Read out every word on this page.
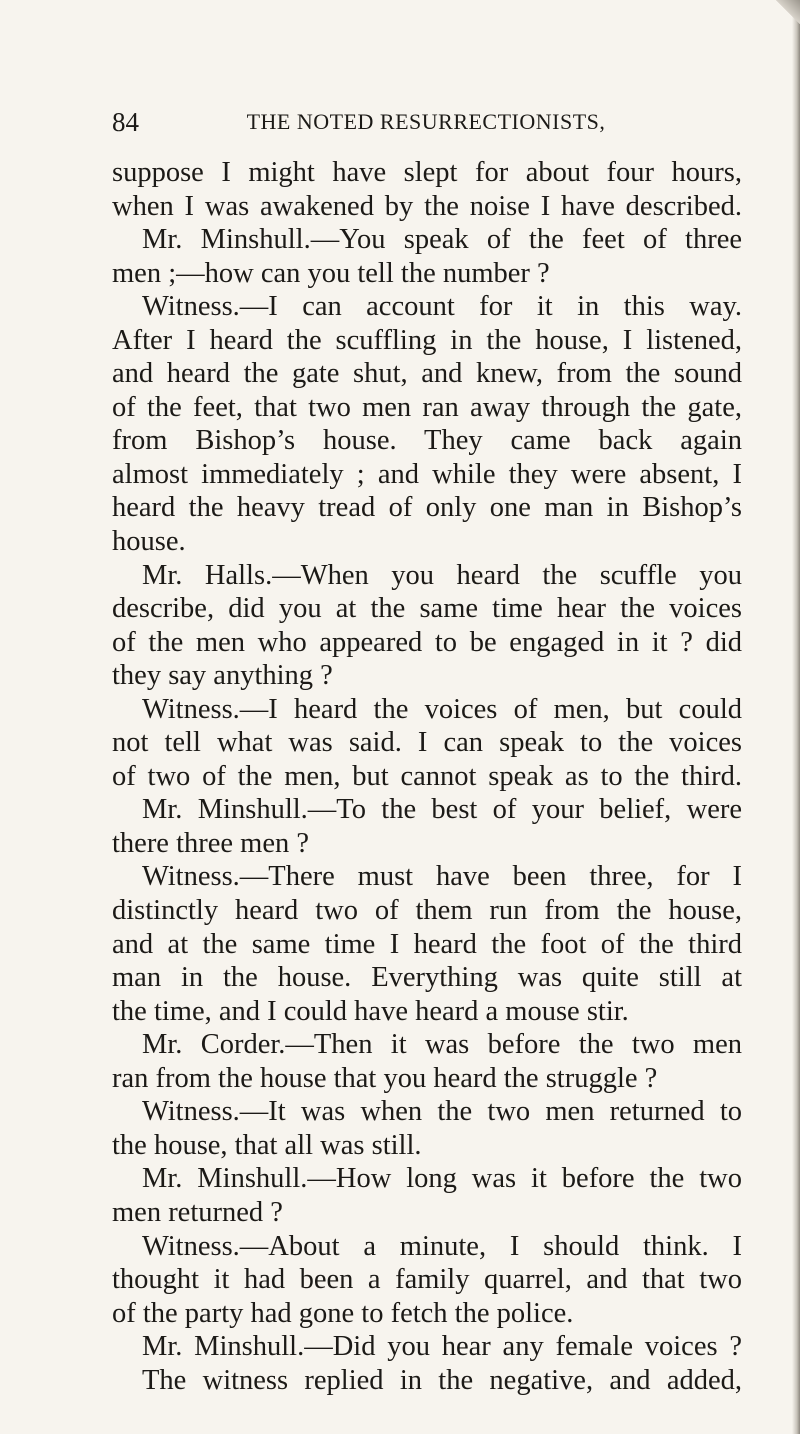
84	THE NOTED RESURRECTIONISTS,
suppose I might have slept for about four hours,
when I was awakened by the noise I have described.
Mr. Minshull.—You speak of the feet of three
men ;—how can you tell the number ?
Witness.—I can account for it in this way.
After I heard the scuffling in the house, I listened,
and heard the gate shut, and knew, from the sound
of the feet, that two men ran away through the gate,
from Bishop’s house. They came back again
almost immediately ; and while they were absent, I
heard the heavy tread of only one man in Bishop’s
house.
Mr. Halls.—When you heard the scuffle you
describe, did you at the same time hear the voices
of the men who appeared to be engaged in it ? did
they say anything ?
Witness.—I heard the voices of men, but could
not tell what was said. I can speak to the voices
of two of the men, but cannot speak as to the third.
Mr. Minshull.—To the best of your belief, were
there three men ?
Witness.—There must have been three, for I
distinctly heard two of them run from the house,
and at the same time I heard the foot of the third
man in the house. Everything was quite still at
the time, and I could have heard a mouse stir.
Mr. Corder.—Then it was before the two men
ran from the house that you heard the struggle ?
Witness.—It was when the two men returned to
the house, that all was still.
Mr. Minshull.—How long was it before the two
men returned ?
Witness.—About a minute, I should think. I
thought it had been a family quarrel, and that two
of the party had gone to fetch the police.
Mr. Minshull.—Did you hear any female voices ?
The witness replied in the negative, and added,
